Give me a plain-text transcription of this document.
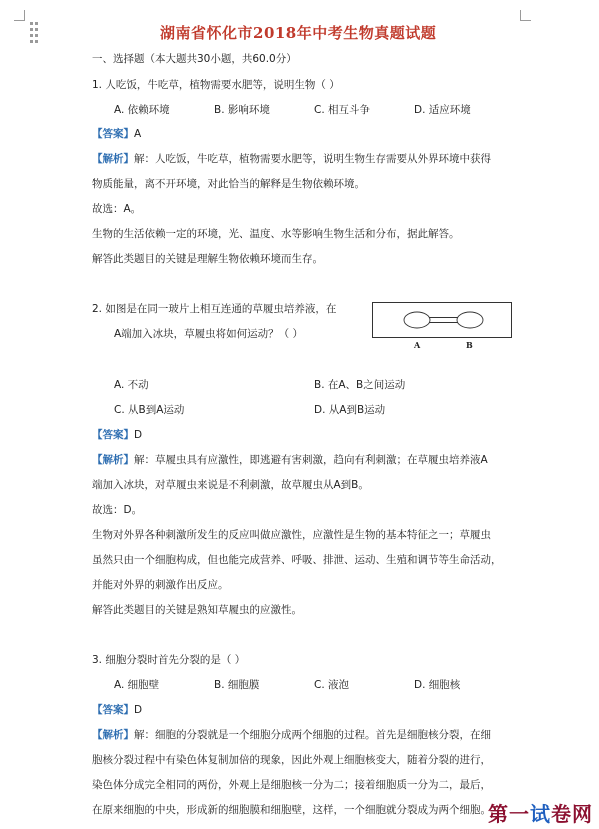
湖南省怀化市2018年中考生物真题试题
一、选择题（本大题共30小题，共60.0分）
1. 人吃饭，牛吃草，植物需要水肥等，说明生物（ ）
A. 依赖环境	B. 影响环境	C. 相互斗争	D. 适应环境
【答案】A
【解析】解：人吃饭，牛吃草，植物需要水肥等，说明生物生存需要从外界环境中获得
物质能量，离不开环境，对此恰当的解释是生物依赖环境。
故选：A。
生物的生活依赖一定的环境，光、温度、水等影响生物生活和分布，据此解答。
解答此类题目的关键是理解生物依赖环境而生存。
2. 如图是在同一玻片上相互连通的草履虫培养液，在
A端加入冰块，草履虫将如何运动？（ ）
A	B
A. 不动	B. 在A、B之间运动
C. 从B到A运动	D. 从A到B运动
【答案】D
【解析】解：草履虫具有应激性，即逃避有害刺激，趋向有利刺激；在草履虫培养液A
端加入冰块，对草履虫来说是不利刺激，故草履虫从A到B。
故选：D。
生物对外界各种刺激所发生的反应叫做应激性，应激性是生物的基本特征之一；草履虫
虽然只由一个细胞构成，但也能完成营养、呼吸、排泄、运动、生殖和调节等生命活动，
并能对外界的刺激作出反应。
解答此类题目的关键是熟知草履虫的应激性。
3. 细胞分裂时首先分裂的是（ ）
A. 细胞壁	B. 细胞膜	C. 液泡	D. 细胞核
【答案】D
【解析】解：细胞的分裂就是一个细胞分成两个细胞的过程。首先是细胞核分裂，在细
胞核分裂过程中有染色体复制加倍的现象，因此外观上细胞核变大，随着分裂的进行，
染色体分成完全相同的两份，外观上是细胞核一分为二；接着细胞质一分为二，最后，
在原来细胞的中央，形成新的细胞膜和细胞壁，这样，一个细胞就分裂成为两个细胞。
第一试卷网
